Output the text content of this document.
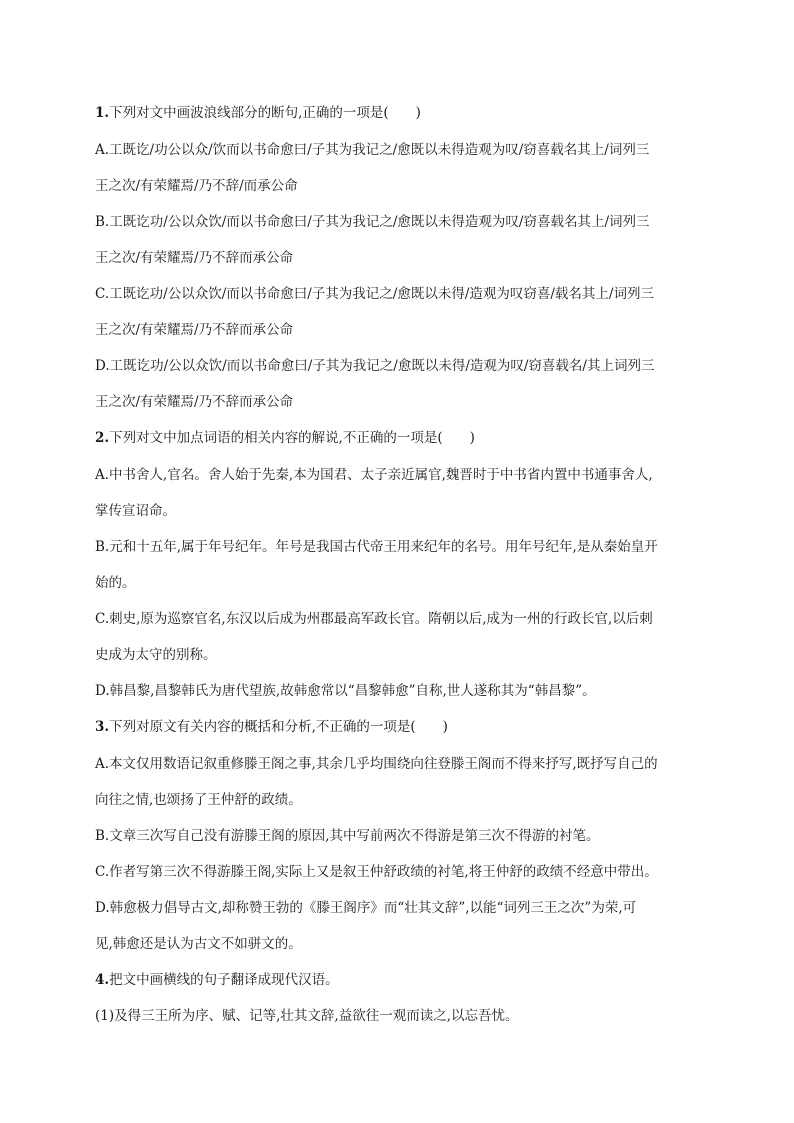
1.下列对文中画波浪线部分的断句,正确的一项是(　　)
A.工既讫/功公以众/饮而以书命愈曰/子其为我记之/愈既以未得造观为叹/窃喜载名其上/词列三
王之次/有荣耀焉/乃不辞/而承公命
B.工既讫功/公以众饮/而以书命愈曰/子其为我记之/愈既以未得造观为叹/窃喜载名其上/词列三
王之次/有荣耀焉/乃不辞而承公命
C.工既讫功/公以众饮/而以书命愈曰/子其为我记之/愈既以未得/造观为叹窃喜/载名其上/词列三
王之次/有荣耀焉/乃不辞而承公命
D.工既讫功/公以众饮/而以书命愈曰/子其为我记之/愈既以未得/造观为叹/窃喜载名/其上词列三
王之次/有荣耀焉/乃不辞而承公命
2.下列对文中加点词语的相关内容的解说,不正确的一项是(　　)
A.中书舍人,官名。舍人始于先秦,本为国君、太子亲近属官,魏晋时于中书省内置中书通事舍人,
掌传宣诏命。
B.元和十五年,属于年号纪年。年号是我国古代帝王用来纪年的名号。用年号纪年,是从秦始皇开
始的。
C.刺史,原为巡察官名,东汉以后成为州郡最高军政长官。隋朝以后,成为一州的行政长官,以后刺
史成为太守的别称。
D.韩昌黎,昌黎韩氏为唐代望族,故韩愈常以“昌黎韩愈”自称,世人遂称其为“韩昌黎”。
3.下列对原文有关内容的概括和分析,不正确的一项是(　　)
A.本文仅用数语记叙重修滕王阁之事,其余几乎均围绕向往登滕王阁而不得来抒写,既抒写自己的
向往之情,也颂扬了王仲舒的政绩。
B.文章三次写自己没有游滕王阁的原因,其中写前两次不得游是第三次不得游的衬笔。
C.作者写第三次不得游滕王阁,实际上又是叙王仲舒政绩的衬笔,将王仲舒的政绩不经意中带出。
D.韩愈极力倡导古文,却称赞王勃的《滕王阁序》而“壮其文辞”,以能“词列三王之次”为荣,可
见,韩愈还是认为古文不如骈文的。
4.把文中画横线的句子翻译成现代汉语。
(1)及得三王所为序、赋、记等,壮其文辞,益欲往一观而读之,以忘吾忧。
